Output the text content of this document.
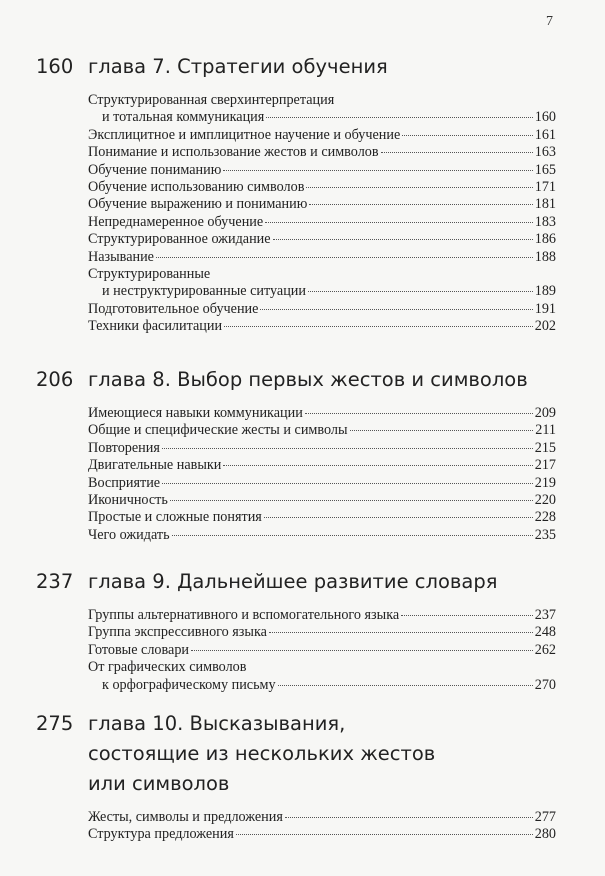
7
160 глава 7. Стратегии обучения
Структурированная сверхинтерпретация
и тотальная коммуникация	160
Эксплицитное и имплицитное научение и обучение	161
Понимание и использование жестов и символов	163
Обучение пониманию	165
Обучение использованию символов	171
Обучение выражению и пониманию	181
Непреднамеренное обучение	183
Структурированное ожидание	186
Называние	188
Структурированные
и неструктурированные ситуации	189
Подготовительное обучение	191
Техники фасилитации	202
206 глава 8. Выбор первых жестов и символов
Имеющиеся навыки коммуникации	209
Общие и специфические жесты и символы	211
Повторения	215
Двигательные навыки	217
Восприятие	219
Иконичность	220
Простые и сложные понятия	228
Чего ожидать	235
237 глава 9. Дальнейшее развитие словаря
Группы альтернативного и вспомогательного языка	237
Группа экспрессивного языка	248
Готовые словари	262
От графических символов
к орфографическому письму	270
275 глава 10. Высказывания,
состоящие из нескольких жестов
или символов
Жесты, символы и предложения	277
Структура предложения	280
